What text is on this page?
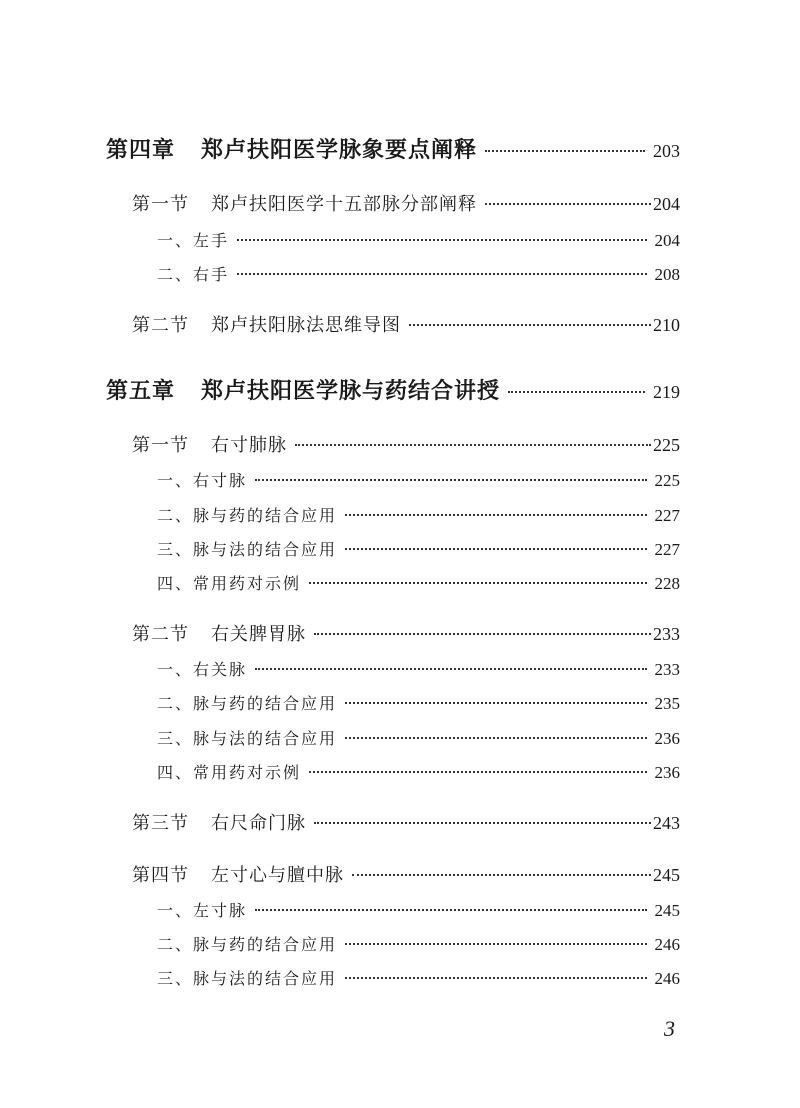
第四章 郑卢扶阳医学脉象要点阐释	203
第一节 郑卢扶阳医学十五部脉分部阐释	204
一、左手	204
二、右手	208
第二节 郑卢扶阳脉法思维导图	210
第五章 郑卢扶阳医学脉与药结合讲授	219
第一节 右寸肺脉	225
一、右寸脉	225
二、脉与药的结合应用	227
三、脉与法的结合应用	227
四、常用药对示例	228
第二节 右关脾胃脉	233
一、右关脉	233
二、脉与药的结合应用	235
三、脉与法的结合应用	236
四、常用药对示例	236
第三节 右尺命门脉	243
第四节 左寸心与膻中脉	245
一、左寸脉	245
二、脉与药的结合应用	246
三、脉与法的结合应用	246
3
